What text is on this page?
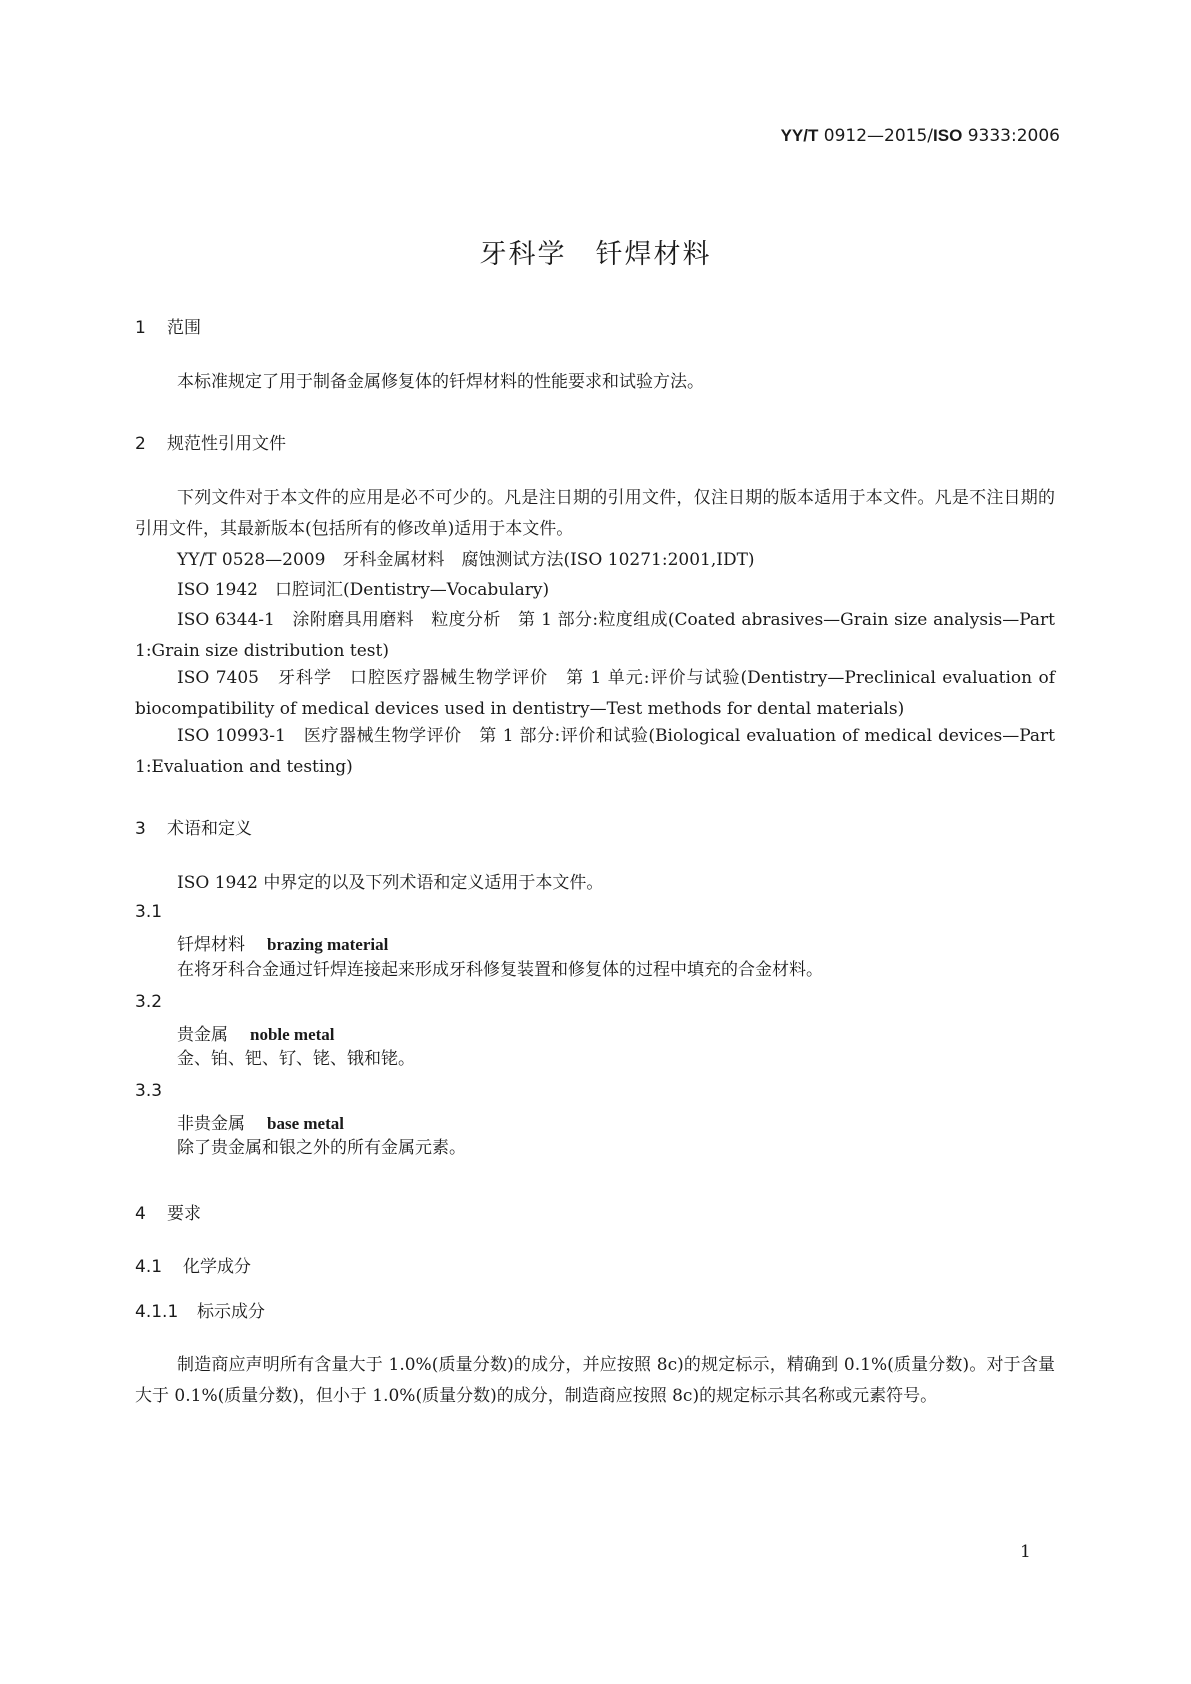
YY/T 0912—2015/ISO 9333:2006
牙科学　钎焊材料
1 范围
本标准规定了用于制备金属修复体的钎焊材料的性能要求和试验方法。
2 规范性引用文件
下列文件对于本文件的应用是必不可少的。凡是注日期的引用文件，仅注日期的版本适用于本文件。凡是不注日期的引用文件，其最新版本(包括所有的修改单)适用于本文件。
YY/T 0528—2009　牙科金属材料　腐蚀测试方法(ISO 10271:2001,IDT)
ISO 1942　口腔词汇(Dentistry—Vocabulary)
ISO 6344-1　涂附磨具用磨料　粒度分析　第 1 部分:粒度组成(Coated abrasives—Grain size analysis—Part 1:Grain size distribution test)
ISO 7405　牙科学　口腔医疗器械生物学评价　第 1 单元:评价与试验(Dentistry—Preclinical evaluation of biocompatibility of medical devices used in dentistry—Test methods for dental materials)
ISO 10993-1　医疗器械生物学评价　第 1 部分:评价和试验(Biological evaluation of medical devices—Part 1:Evaluation and testing)
3 术语和定义
ISO 1942 中界定的以及下列术语和定义适用于本文件。
3.1
钎焊材料 brazing material
在将牙科合金通过钎焊连接起来形成牙科修复装置和修复体的过程中填充的合金材料。
3.2
贵金属 noble metal
金、铂、钯、钌、铑、锇和铑。
3.3
非贵金属 base metal
除了贵金属和银之外的所有金属元素。
4 要求
4.1 化学成分
4.1.1 标示成分
制造商应声明所有含量大于 1.0%(质量分数)的成分，并应按照 8c)的规定标示，精确到 0.1%(质量分数)。对于含量大于 0.1%(质量分数)，但小于 1.0%(质量分数)的成分，制造商应按照 8c)的规定标示其名称或元素符号。
1
